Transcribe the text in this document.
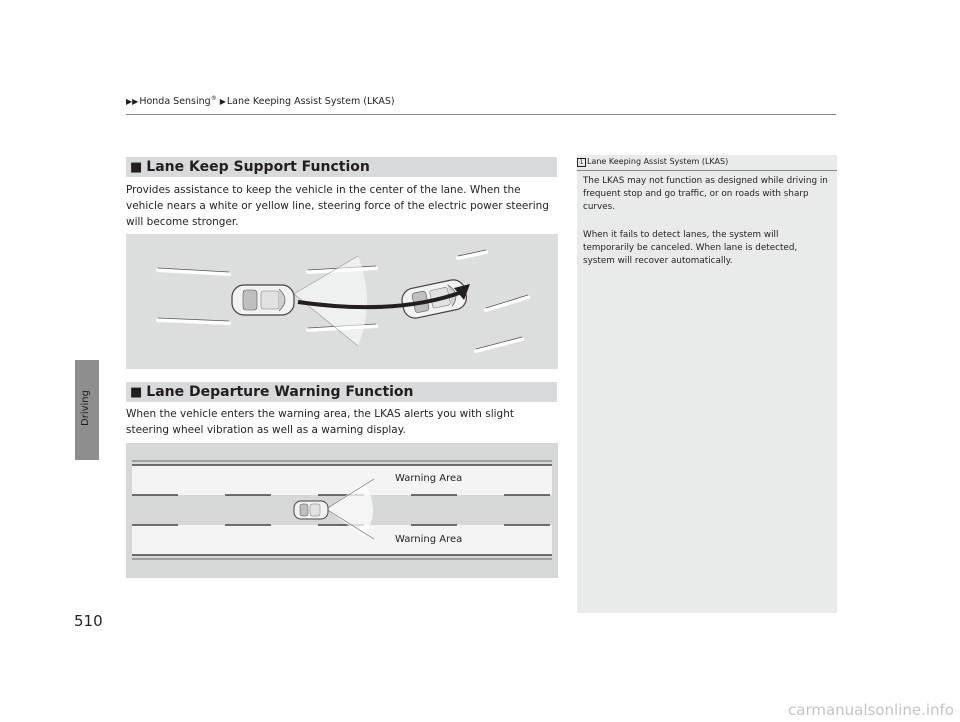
▶▶Honda Sensing® ▶Lane Keeping Assist System (LKAS)
Driving
■ Lane Keep Support Function
Provides assistance to keep the vehicle in the center of the lane. When the vehicle nears a white or yellow line, steering force of the electric power steering will become stronger.
■ Lane Departure Warning Function
When the vehicle enters the warning area, the LKAS alerts you with slight steering wheel vibration as well as a warning display.
Warning Area
Warning Area
1 Lane Keeping Assist System (LKAS)
The LKAS may not function as designed while driving in frequent stop and go traffic, or on roads with sharp curves.
When it fails to detect lanes, the system will temporarily be canceled. When lane is detected, system will recover automatically.
510
carmanualsonline.info
